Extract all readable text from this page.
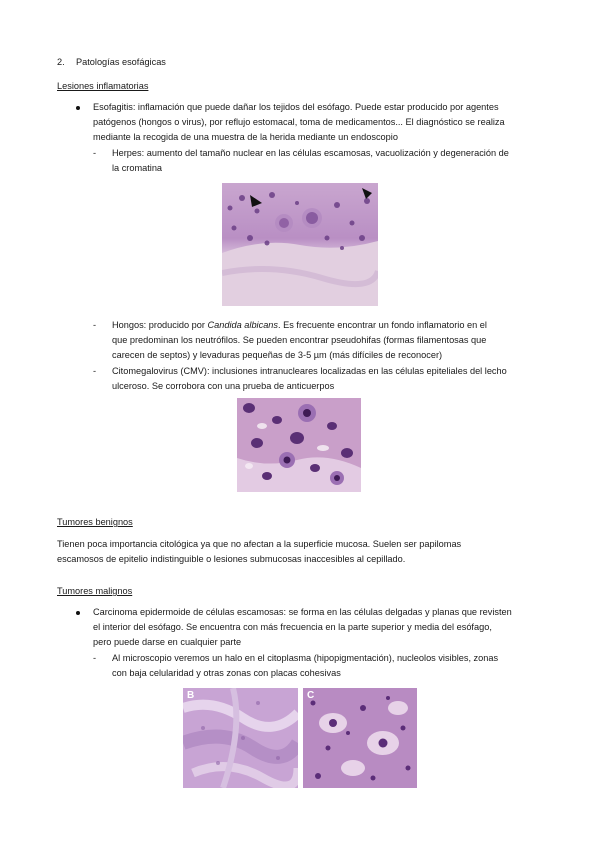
2. Patologías esofágicas
Lesiones inflamatorias
Esofagitis: inflamación que puede dañar los tejidos del esófago. Puede estar producido por agentes
patógenos (hongos o virus), por reflujo estomacal, toma de medicamentos... El diagnóstico se realiza
mediante la recogida de una muestra de la herida mediante un endoscopio
- Herpes: aumento del tamaño nuclear en las células escamosas, vacuolización y degeneración de
la cromatina
- Hongos: producido por Candida albicans. Es frecuente encontrar un fondo inflamatorio en el
que predominan los neutrófilos. Se pueden encontrar pseudohifas (formas filamentosas que
carecen de septos) y levaduras pequeñas de 3-5 µm (más difíciles de reconocer)
- Citomegalovirus (CMV): inclusiones intranucleares localizadas en las células epiteliales del lecho
ulceroso. Se corrobora con una prueba de anticuerpos
Tumores benignos
Tienen poca importancia citológica ya que no afectan a la superficie mucosa. Suelen ser papilomas
escamosos de epitelio indistinguible o lesiones submucosas inaccesibles al cepillado.
Tumores malignos
Carcinoma epidermoide de células escamosas: se forma en las células delgadas y planas que revisten
el interior del esófago. Se encuentra con más frecuencia en la parte superior y media del esófago,
pero puede darse en cualquier parte
- Al microscopio veremos un halo en el citoplasma (hipopigmentación), nucleolos visibles, zonas
con baja celularidad y otras zonas con placas cohesivas
B	C
